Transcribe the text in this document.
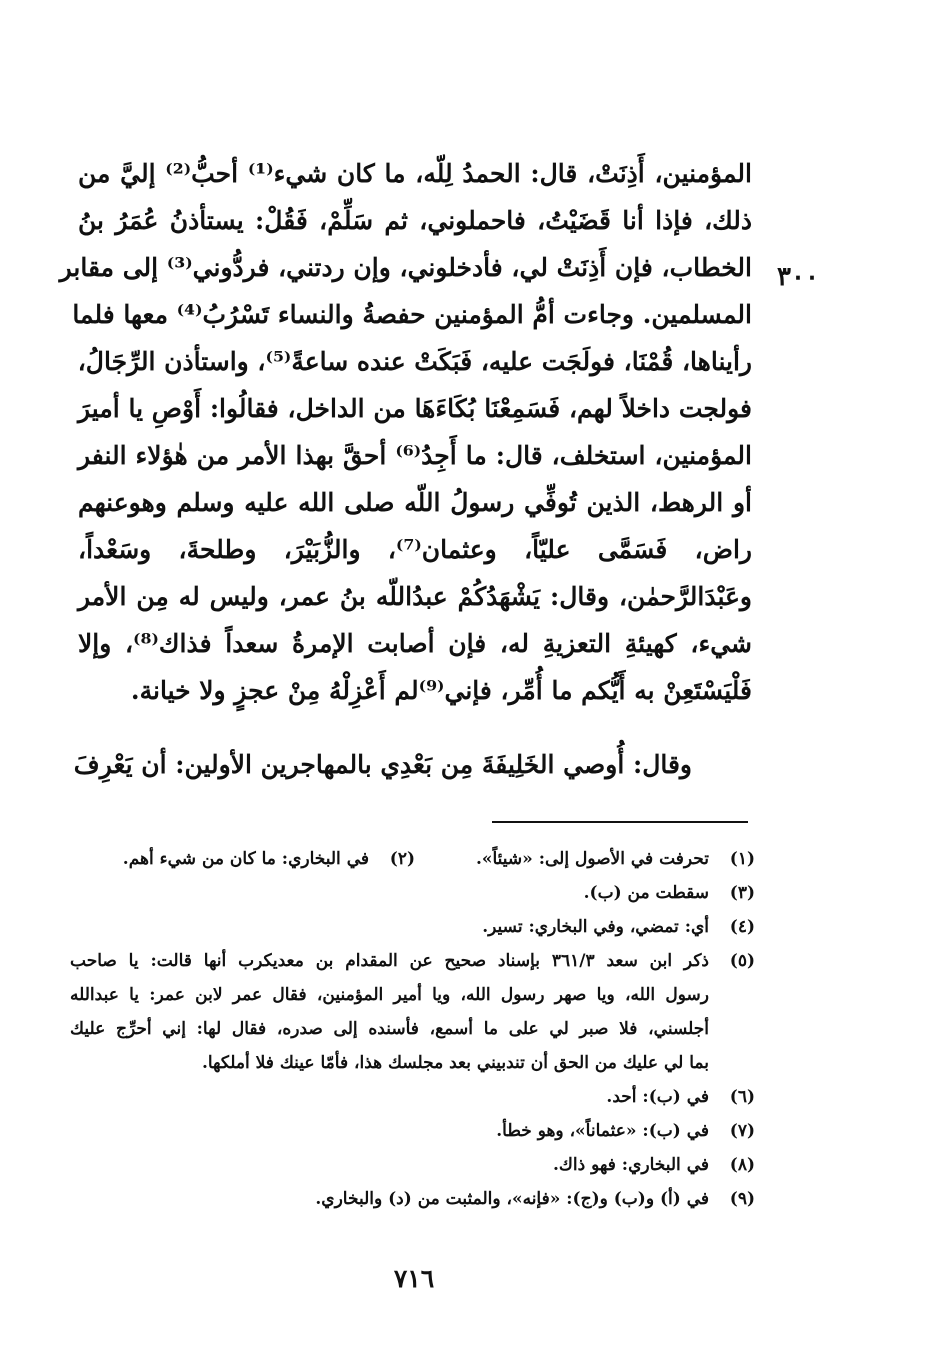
٣٠٠
المؤمنين، أَذِنَتْ، قال: الحمدُ لِلّه، ما كان شيء⁽¹⁾ أحبُّ⁽²⁾ إليَّ من
ذلك، فإذا أنا قَضَيْتُ، فاحملوني، ثم سَلِّمْ، فَقُلْ: يستأذنُ عُمَرُ بنُ
الخطاب، فإن أَذِنَتْ لي، فأدخلوني، وإن ردتني، فردُّوني⁽³⁾ إلى مقابر
المسلمين. وجاءت أمُّ المؤمنين حفصةُ والنساء تَسْرُبُ⁽⁴⁾ معها فلما
رأيناها، قُمْنَا، فولَجَت عليه، فَبَكَتْ عنده ساعةً⁽⁵⁾، واستأذن الرِّجَالُ،
فولجت داخلاً لهم، فَسَمِعْنَا بُكَاءَهَا من الداخل، فقالُوا: أَوْصِ يا أميرَ
المؤمنين، استخلف، قال: ما أَجِدُ⁽⁶⁾ أحقَّ بهذا الأمر من هٰؤلاء النفر
أو الرهط، الذين تُوفِّي رسولُ اللّه صلى الله عليه وسلم وهوعنهم
راض، فَسَمَّى عليّاً، وعثمان⁽⁷⁾، والزُّبَيْرَ، وطلحةَ، وسَعْداً،
وعَبْدَالرَّحمٰن، وقال: يَشْهَدُكُمْ عبدُاللّه بنُ عمر، وليس له مِن الأمر
شيء، كهيئةِ التعزيةِ له، فإن أصابت الإمرةُ سعداً فذاك⁽⁸⁾، وإلا
فَلْيَسْتَعِنْ به أَيُّكم ما أُمِّر، فإني⁽⁹⁾لم أَعْزِلْهُ مِنْ عجزٍ ولا خيانة.
وقال: أُوصي الخَلِيفَةَ مِن بَعْدِي بالمهاجرين الأولين: أن يَعْرِفَ
(١)
تحرفت في الأصول إلى: «شيئاً».
(٢)
في البخاري: ما كان من شيء أهم.
(٣)
سقطت من (ب).
(٤)
أي: تمضي، وفي البخاري: تسير.
(٥)
ذكر ابن سعد ٣٦١/٣ بإسناد صحيح عن المقدام بن معديكرب أنها قالت: يا صاحب
رسول الله، ويا صهر رسول الله، ويا أمير المؤمنين، فقال عمر لابن عمر: يا عبدالله
أجلسني، فلا صبر لي على ما أسمع، فأسنده إلى صدره، فقال لها: إني أحرِّج عليك
بما لي عليك من الحق أن تندبيني بعد مجلسك هذا، فأمّا عينك فلا أملكها.
(٦)
في (ب): أحد.
(٧)
في (ب): «عثماناً»، وهو خطأ.
(٨)
في البخاري: فهو ذاك.
(٩)
في (أ) و(ب) و(ج): «فإنه»، والمثبت من (د) والبخاري.
٧١٦
